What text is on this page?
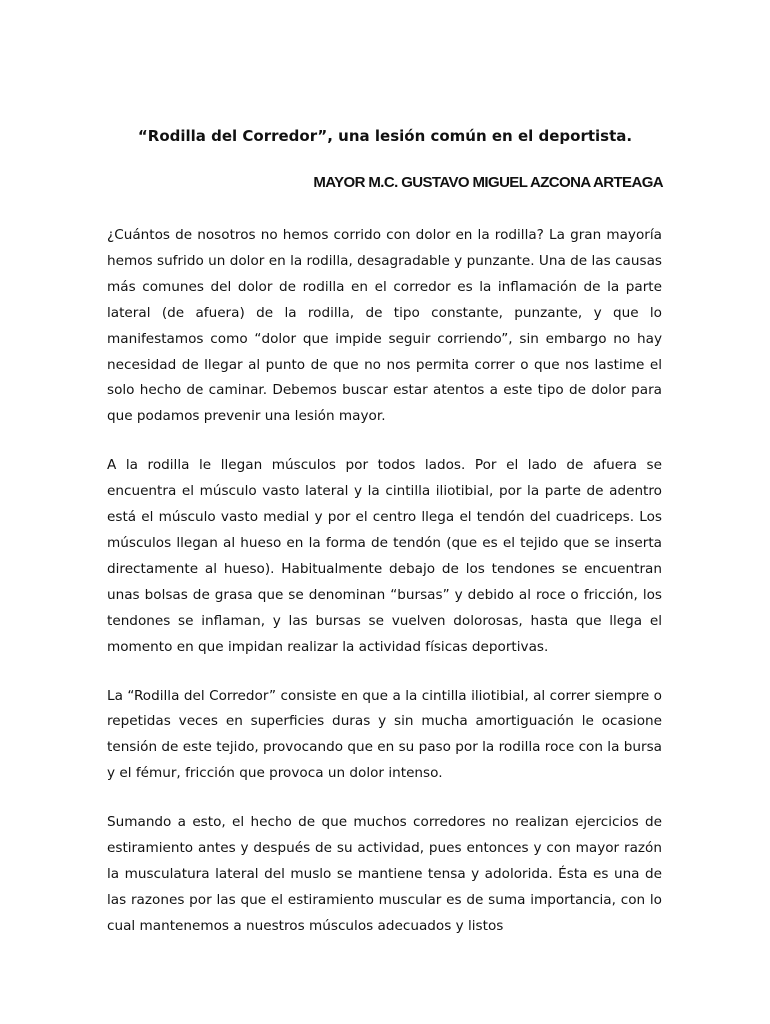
“Rodilla del Corredor”, una lesión común en el deportista.
MAYOR M.C. GUSTAVO MIGUEL AZCONA ARTEAGA

¿Cuántos de nosotros no hemos corrido con dolor en la rodilla? La gran mayoría hemos sufrido un dolor en la rodilla, desagradable y punzante. Una de las causas más comunes del dolor de rodilla en el corredor es la inflamación de la parte lateral (de afuera) de la rodilla, de tipo constante, punzante, y que lo manifestamos como “dolor que impide seguir corriendo”, sin embargo no hay necesidad de llegar al punto de que no nos permita correr o que nos lastime el solo hecho de caminar. Debemos buscar estar atentos a este tipo de dolor para que podamos prevenir una lesión mayor.

A la rodilla le llegan músculos por todos lados. Por el lado de afuera se encuentra el músculo vasto lateral y la cintilla iliotibial, por la parte de adentro está el músculo vasto medial y por el centro llega el tendón del cuadriceps. Los músculos llegan al hueso en la forma de tendón (que es el tejido que se inserta directamente al hueso). Habitualmente debajo de los tendones se encuentran unas bolsas de grasa que se denominan “bursas” y debido al roce o fricción, los tendones se inflaman, y las bursas se vuelven dolorosas, hasta que llega el momento en que impidan realizar la actividad físicas deportivas.

La “Rodilla del Corredor” consiste en que a la cintilla iliotibial, al correr siempre o repetidas veces en superficies duras y sin mucha amortiguación le ocasione tensión de este tejido, provocando que en su paso por la rodilla roce con la bursa y el fémur, fricción que provoca un dolor intenso.

Sumando a esto, el hecho de que muchos corredores no realizan ejercicios de estiramiento antes y después de su actividad, pues entonces y con mayor razón la musculatura lateral del muslo se mantiene tensa y adolorida. Ésta es una de las razones por las que el estiramiento muscular es de suma importancia, con lo cual mantenemos a nuestros músculos adecuados y listos
